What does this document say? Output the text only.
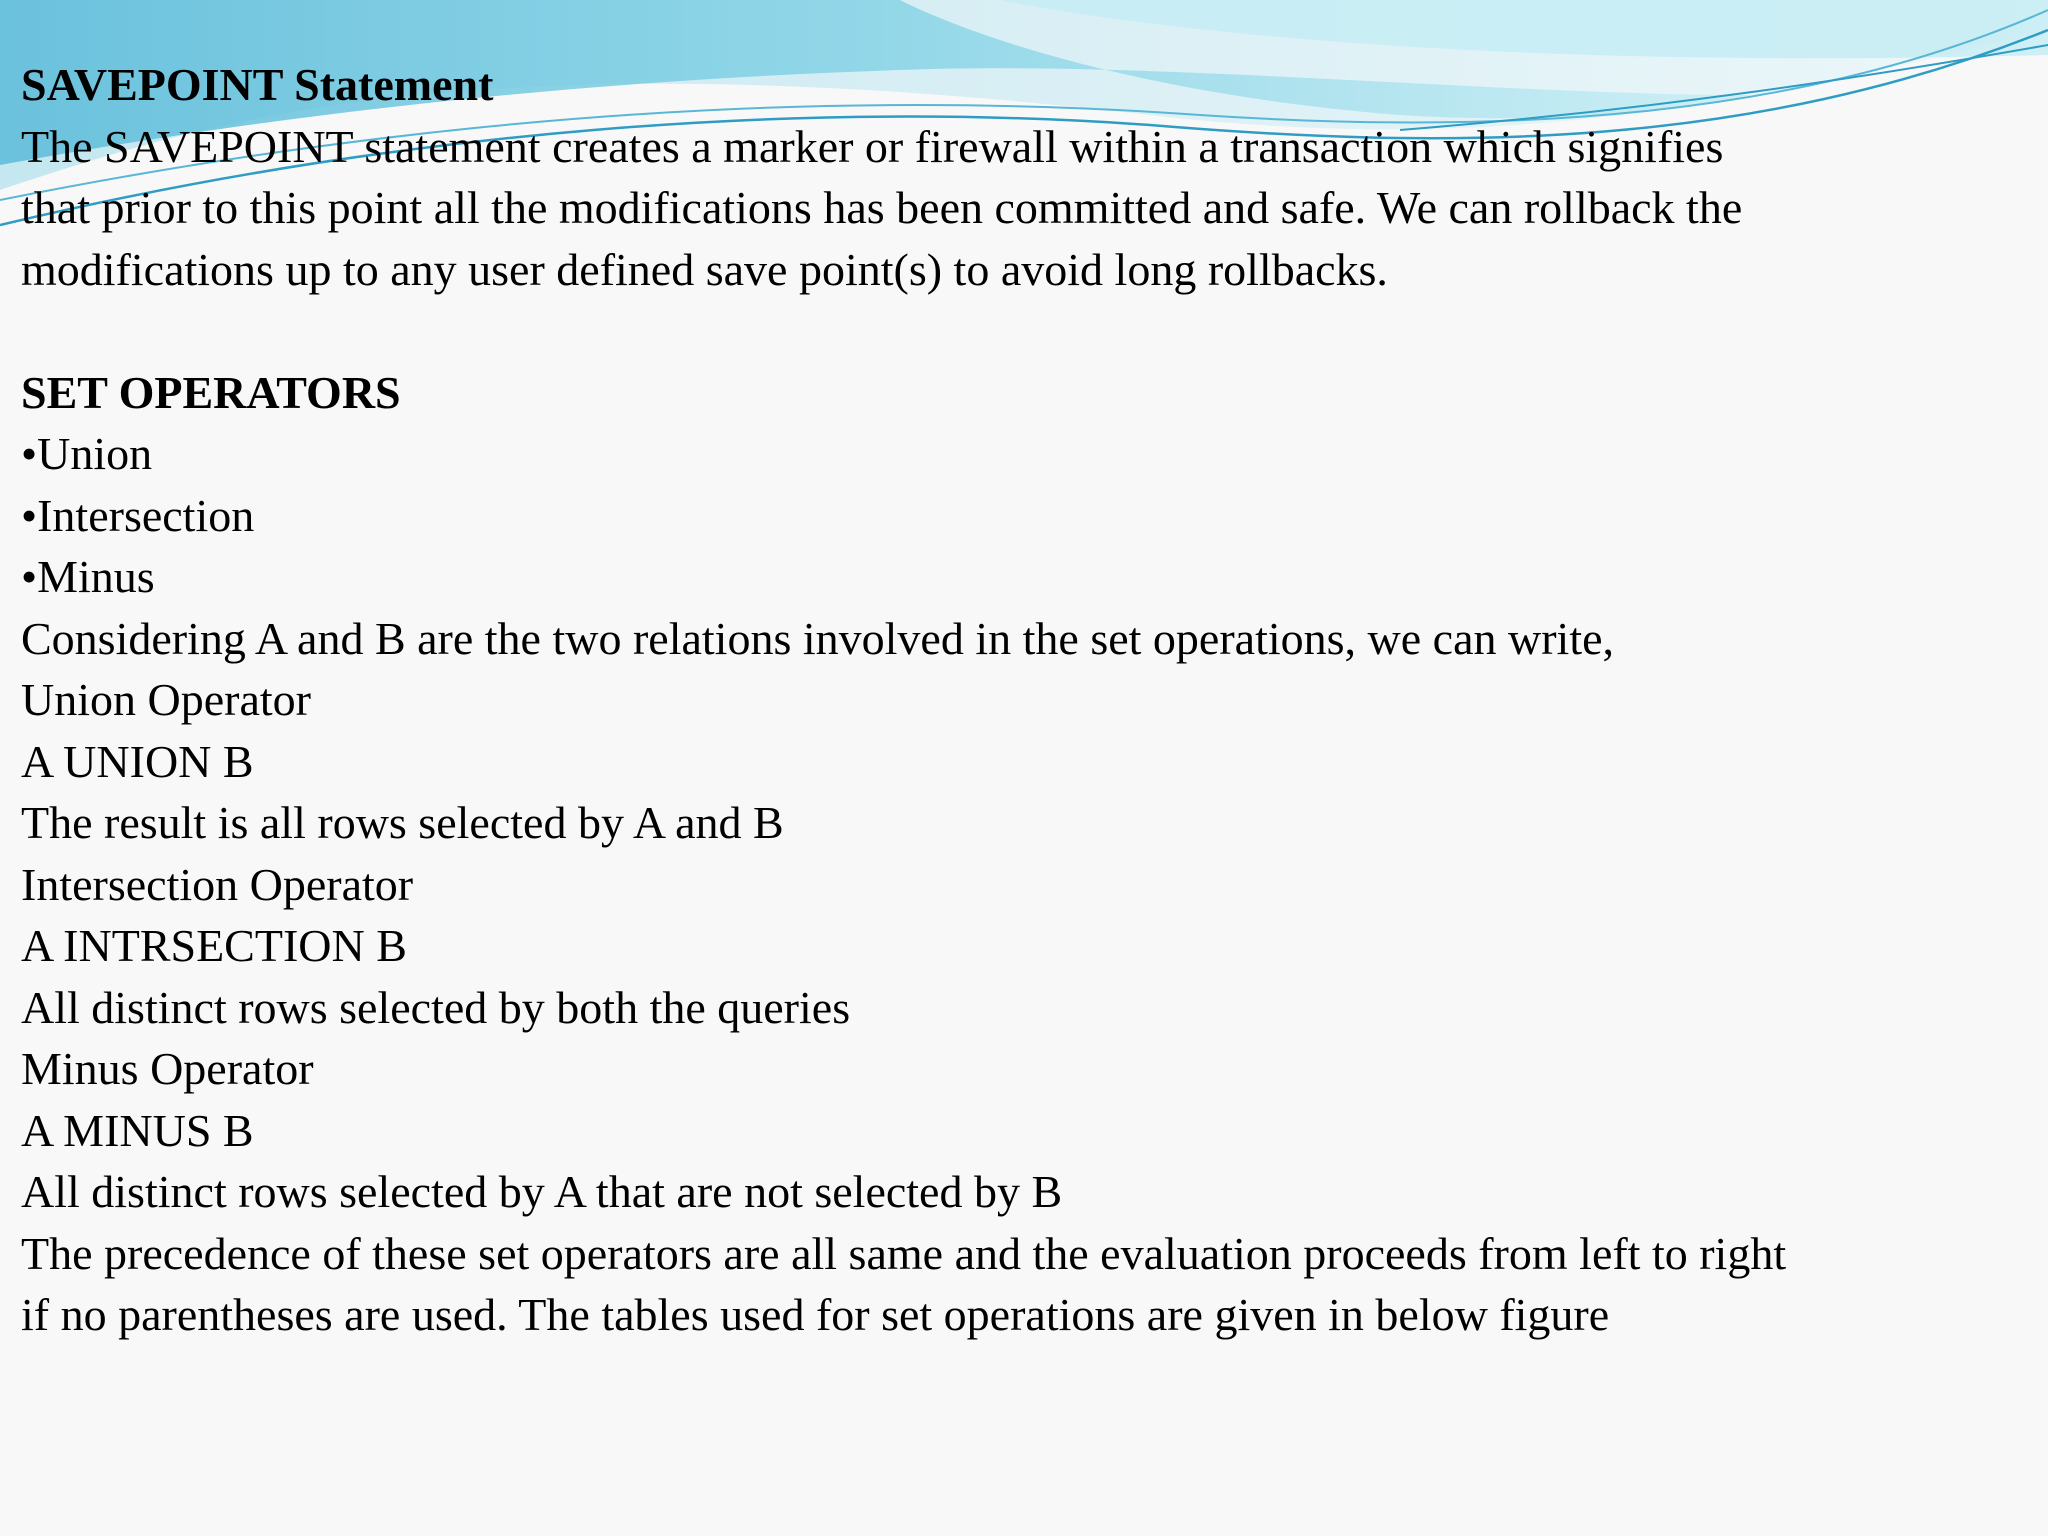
SAVEPOINT Statement
The SAVEPOINT statement creates a marker or firewall within a transaction which signifies
that prior to this point all the modifications has been committed and safe. We can rollback the
modifications up to any user defined save point(s) to avoid long rollbacks.
SET OPERATORS
•Union
•Intersection
•Minus
Considering A and B are the two relations involved in the set operations, we can write,
Union Operator
A UNION B
The result is all rows selected by A and B
Intersection Operator
A INTRSECTION B
All distinct rows selected by both the queries
Minus Operator
A MINUS B
All distinct rows selected by A that are not selected by B
The precedence of these set operators are all same and the evaluation proceeds from left to right
if no parentheses are used. The tables used for set operations are given in below figure
